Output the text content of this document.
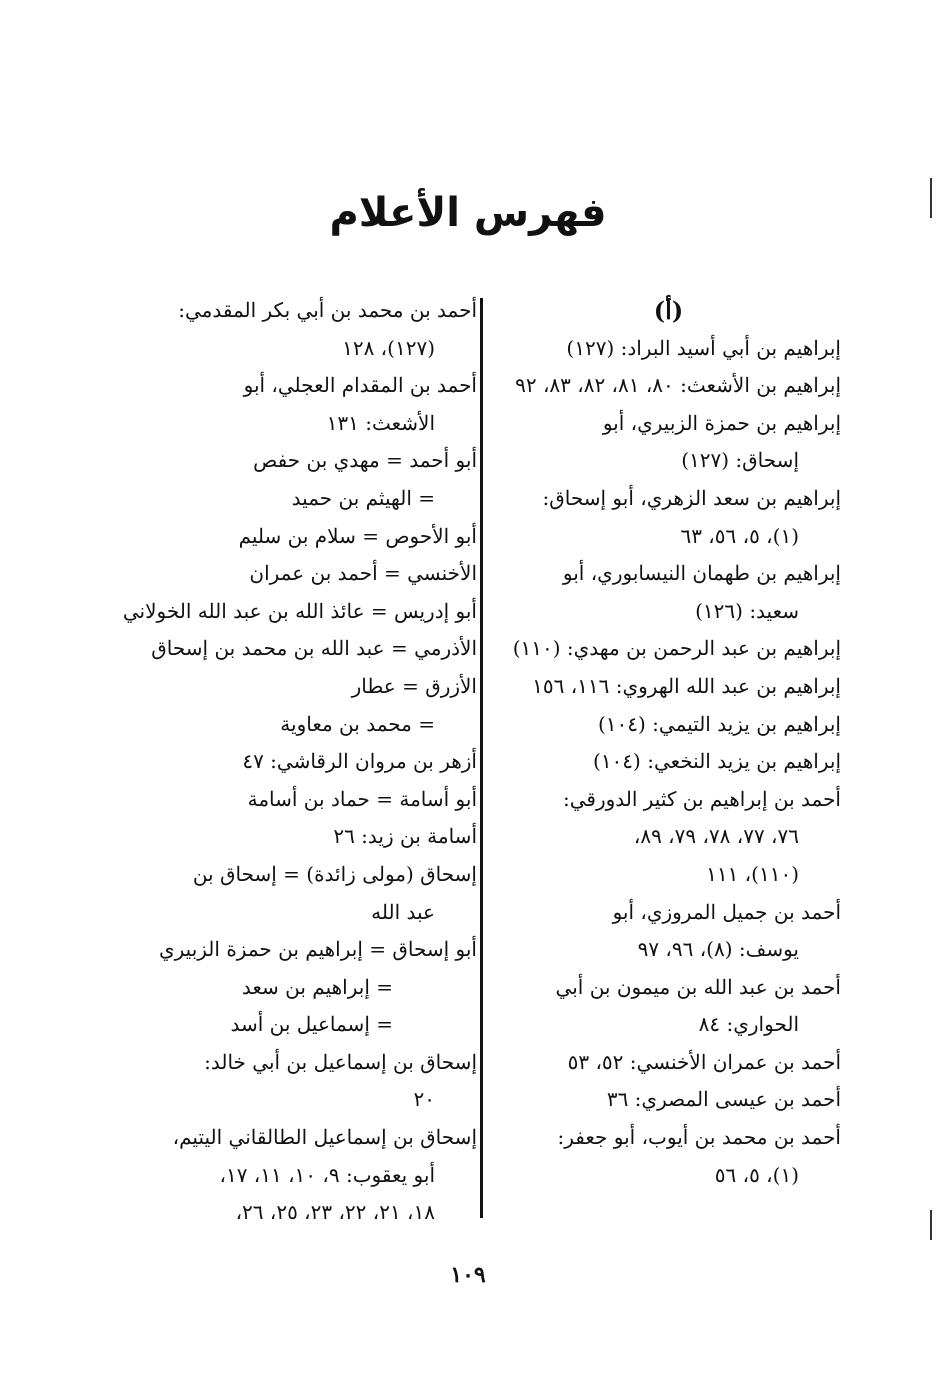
فهرس الأعلام
(أ)
إبراهيم بن أبي أسيد البراد: (١٢٧)
إبراهيم بن الأشعث: ٨٠، ٨١، ٨٢، ٨٣، ٩٢
إبراهيم بن حمزة الزبيري، أبو
إسحاق: (١٢٧)
إبراهيم بن سعد الزهري، أبو إسحاق:
(١)، ٥، ٥٦، ٦٣
إبراهيم بن طهمان النيسابوري، أبو
سعيد: (١٢٦)
إبراهيم بن عبد الرحمن بن مهدي: (١١٠)
إبراهيم بن عبد الله الهروي: ١١٦، ١٥٦
إبراهيم بن يزيد التيمي: (١٠٤)
إبراهيم بن يزيد النخعي: (١٠٤)
أحمد بن إبراهيم بن كثير الدورقي:
٧٦، ٧٧، ٧٨، ٧٩، ٨٩،
(١١٠)، ١١١
أحمد بن جميل المروزي، أبو
يوسف: (٨)، ٩٦، ٩٧
أحمد بن عبد الله بن ميمون بن أبي
الحواري: ٨٤
أحمد بن عمران الأخنسي: ٥٢، ٥٣
أحمد بن عيسى المصري: ٣٦
أحمد بن محمد بن أيوب، أبو جعفر:
(١)، ٥، ٥٦
أحمد بن محمد بن أبي بكر المقدمي:
(١٢٧)، ١٢٨
أحمد بن المقدام العجلي، أبو
الأشعث: ١٣١
أبو أحمد = مهدي بن حفص
= الهيثم بن حميد
أبو الأحوص = سلام بن سليم
الأخنسي = أحمد بن عمران
أبو إدريس = عائذ الله بن عبد الله الخولاني
الأذرمي = عبد الله بن محمد بن إسحاق
الأزرق = عطار
= محمد بن معاوية
أزهر بن مروان الرقاشي: ٤٧
أبو أسامة = حماد بن أسامة
أسامة بن زيد: ٢٦
إسحاق (مولى زائدة) = إسحاق بن
عبد الله
أبو إسحاق = إبراهيم بن حمزة الزبيري
= إبراهيم بن سعد
= إسماعيل بن أسد
إسحاق بن إسماعيل بن أبي خالد:
٢٠
إسحاق بن إسماعيل الطالقاني اليتيم،
أبو يعقوب: ٩، ١٠، ١١، ١٧،
١٨، ٢١، ٢٢، ٢٣، ٢٥، ٢٦،
١٠٩
